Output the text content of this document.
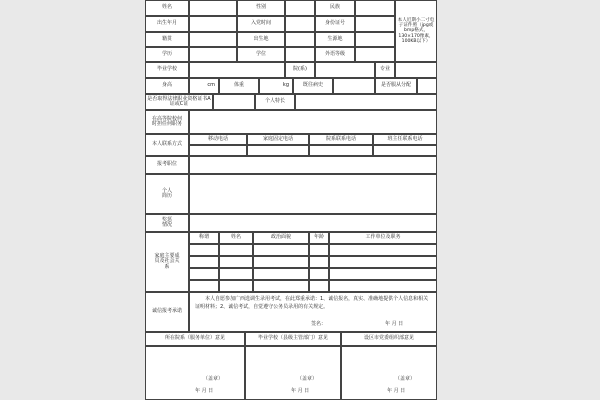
姓名	性别	民族
本人近期小二寸电子证件照（jpg或bmp格式，130×170像素，100KB以下）
出生年月	入党时间	身份证号
籍贯	出生地	生源地
学历	学位	外语等级
毕业学校	院(系)	专业
身高	cm	体重	kg	既往病史	是否服从分配
是否取得法律职业资格证书A证或C证	个人特长
在高等院校何时担任何职务
本人联系方式
移动电话	家庭固定电话	院系联系电话	班主任联系电话
报考职位
个人简历
奖惩情况
家庭主要成员及社会关系
称谓	姓名	政治面貌	年龄	工作单位及职务
诚信报考承诺
本人自愿参加广西选调生录用考试，在此郑重承诺：1、诚信报名，真实、准确地提供个人信息和相关证明材料；2、诚信考试，自觉遵守公务员录用的有关规定。
签名：	年 月 日
所在院系（服务单位）意见	毕业学校（县级主管部门）意见	设区市党委组织部意见
（盖章）	（盖章）	（盖章）
年 月 日	年 月 日	年 月 日
